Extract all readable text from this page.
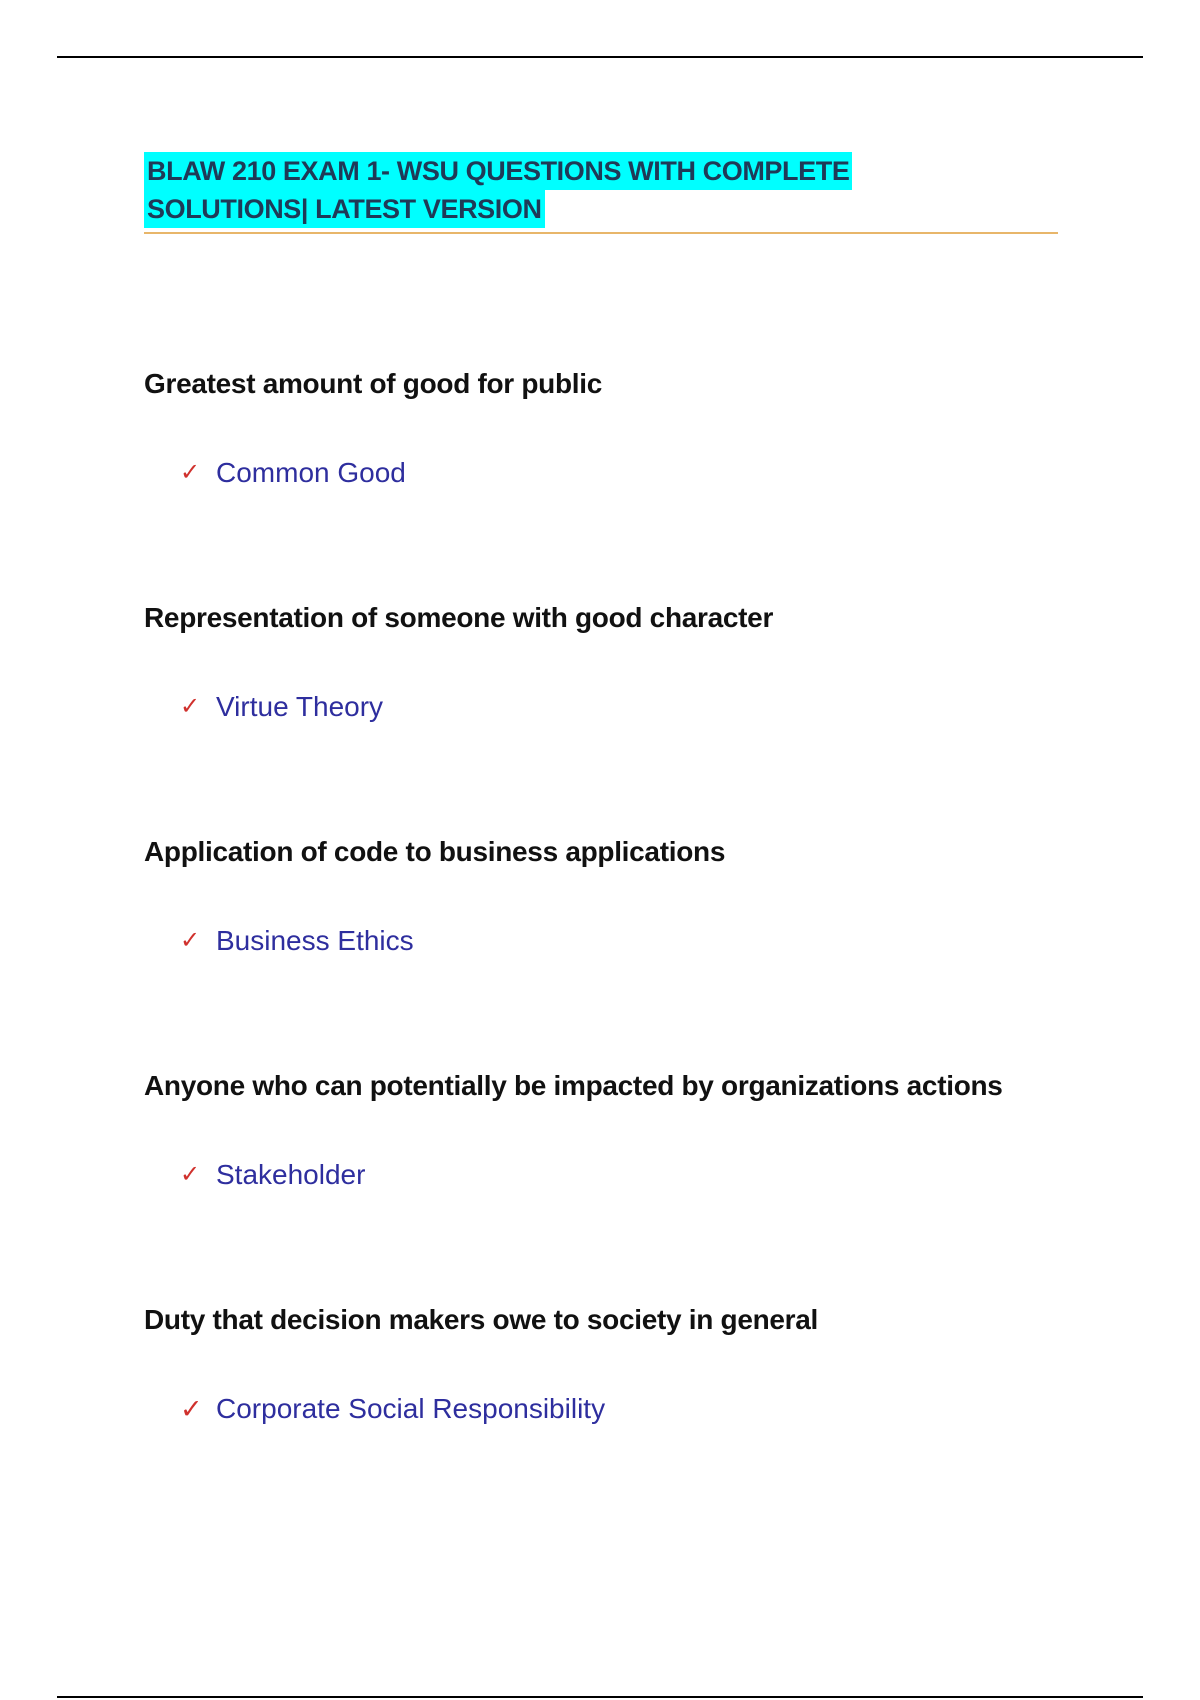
BLAW 210 EXAM 1- WSU QUESTIONS WITH COMPLETE
SOLUTIONS| LATEST VERSION

Greatest amount of good for public

✓ Common Good

Representation of someone with good character

✓ Virtue Theory

Application of code to business applications

✓ Business Ethics

Anyone who can potentially be impacted by organizations actions

✓ Stakeholder

Duty that decision makers owe to society in general

✓ Corporate Social Responsibility
